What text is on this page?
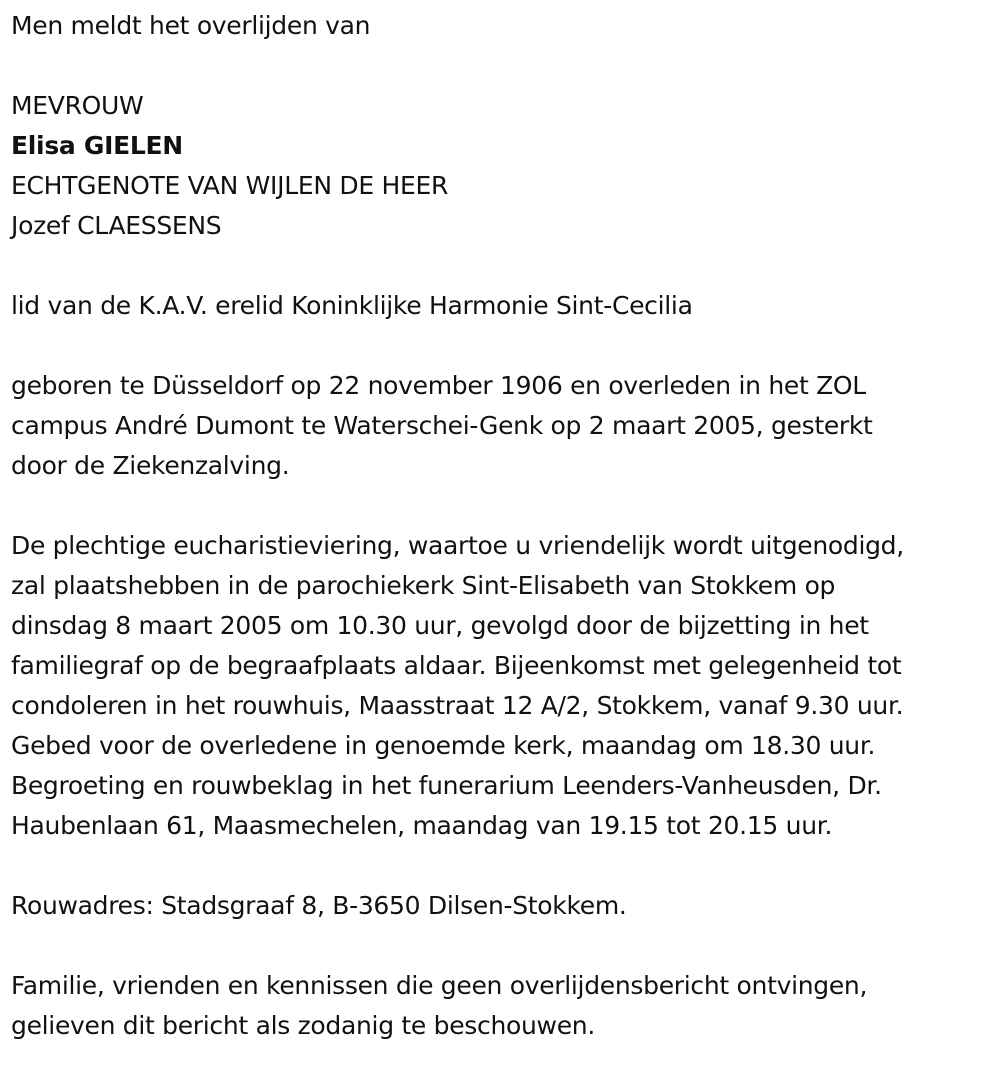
Men meldt het overlijden van
MEVROUW
Elisa GIELEN
ECHTGENOTE VAN WIJLEN DE HEER
Jozef CLAESSENS
lid van de K.A.V. erelid Koninklijke Harmonie Sint-Cecilia
geboren te Düsseldorf op 22 november 1906 en overleden in het ZOL
campus André Dumont te Waterschei-Genk op 2 maart 2005, gesterkt
door de Ziekenzalving.
De plechtige eucharistieviering, waartoe u vriendelijk wordt uitgenodigd,
zal plaatshebben in de parochiekerk Sint-Elisabeth van Stokkem op
dinsdag 8 maart 2005 om 10.30 uur, gevolgd door de bijzetting in het
familiegraf op de begraafplaats aldaar. Bijeenkomst met gelegenheid tot
condoleren in het rouwhuis, Maasstraat 12 A/2, Stokkem, vanaf 9.30 uur.
Gebed voor de overledene in genoemde kerk, maandag om 18.30 uur.
Begroeting en rouwbeklag in het funerarium Leenders-Vanheusden, Dr.
Haubenlaan 61, Maasmechelen, maandag van 19.15 tot 20.15 uur.
Rouwadres: Stadsgraaf 8, B-3650 Dilsen-Stokkem.
Familie, vrienden en kennissen die geen overlijdensbericht ontvingen,
gelieven dit bericht als zodanig te beschouwen.
